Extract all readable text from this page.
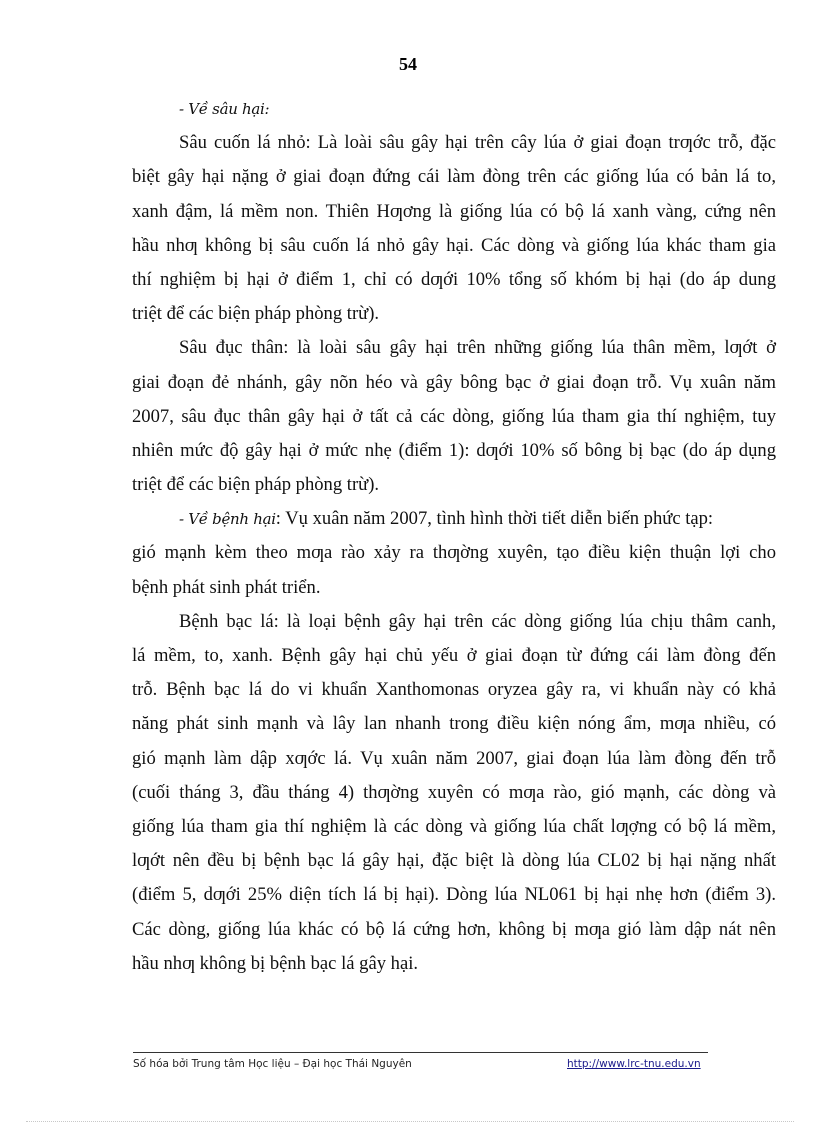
54
- Về sâu hại:
Sâu cuốn lá nhỏ: Là loài sâu gây hại trên cây lúa ở giai đoạn trƣớc trỗ, đặc
biệt gây hại nặng ở giai đoạn đứng cái làm đòng trên các giống lúa có bản lá to,
xanh đậm, lá mềm non. Thiên Hƣơng là giống lúa có bộ lá xanh vàng, cứng nên
hầu nhƣ không bị sâu cuốn lá nhỏ gây hại. Các dòng và giống lúa khác tham gia
thí nghiệm bị hại ở điểm 1, chỉ có dƣới 10% tổng số khóm bị hại (do áp dung
triệt để các biện pháp phòng trừ).
Sâu đục thân: là loài sâu gây hại trên những giống lúa thân mềm, lƣớt ở
giai đoạn đẻ nhánh, gây nõn héo và gây bông bạc ở giai đoạn trỗ. Vụ xuân năm
2007, sâu đục thân gây hại ở tất cả các dòng, giống lúa tham gia thí nghiệm, tuy
nhiên mức độ gây hại ở mức nhẹ (điểm 1): dƣới 10% số bông bị bạc (do áp dụng
triệt để các biện pháp phòng trừ).
- Về bệnh hại: Vụ xuân năm 2007, tình hình thời tiết diễn biến phức tạp:
gió mạnh kèm theo mƣa rào xảy ra thƣờng xuyên, tạo điều kiện thuận lợi cho
bệnh phát sinh phát triển.
Bệnh bạc lá: là loại bệnh gây hại trên các dòng giống lúa chịu thâm canh,
lá mềm, to, xanh. Bệnh gây hại chủ yếu ở giai đoạn từ đứng cái làm đòng đến
trỗ. Bệnh bạc lá do vi khuẩn Xanthomonas oryzea gây ra, vi khuẩn này có khả
năng phát sinh mạnh và lây lan nhanh trong điều kiện nóng ẩm, mƣa nhiều, có
gió mạnh làm dập xƣớc lá. Vụ xuân năm 2007, giai đoạn lúa làm đòng đến trỗ
(cuối tháng 3, đầu tháng 4) thƣờng xuyên có mƣa rào, gió mạnh, các dòng và
giống lúa tham gia thí nghiệm là các dòng và giống lúa chất lƣợng có bộ lá mềm,
lƣớt nên đều bị bệnh bạc lá gây hại, đặc biệt là dòng lúa CL02 bị hại nặng nhất
(điểm 5, dƣới 25% diện tích lá bị hại). Dòng lúa NL061 bị hại nhẹ hơn (điểm 3).
Các dòng, giống lúa khác có bộ lá cứng hơn, không bị mƣa gió làm dập nát nên
hầu nhƣ không bị bệnh bạc lá gây hại.
Số hóa bởi Trung tâm Học liệu – Đại học Thái Nguyên	http://www.lrc-tnu.edu.vn
